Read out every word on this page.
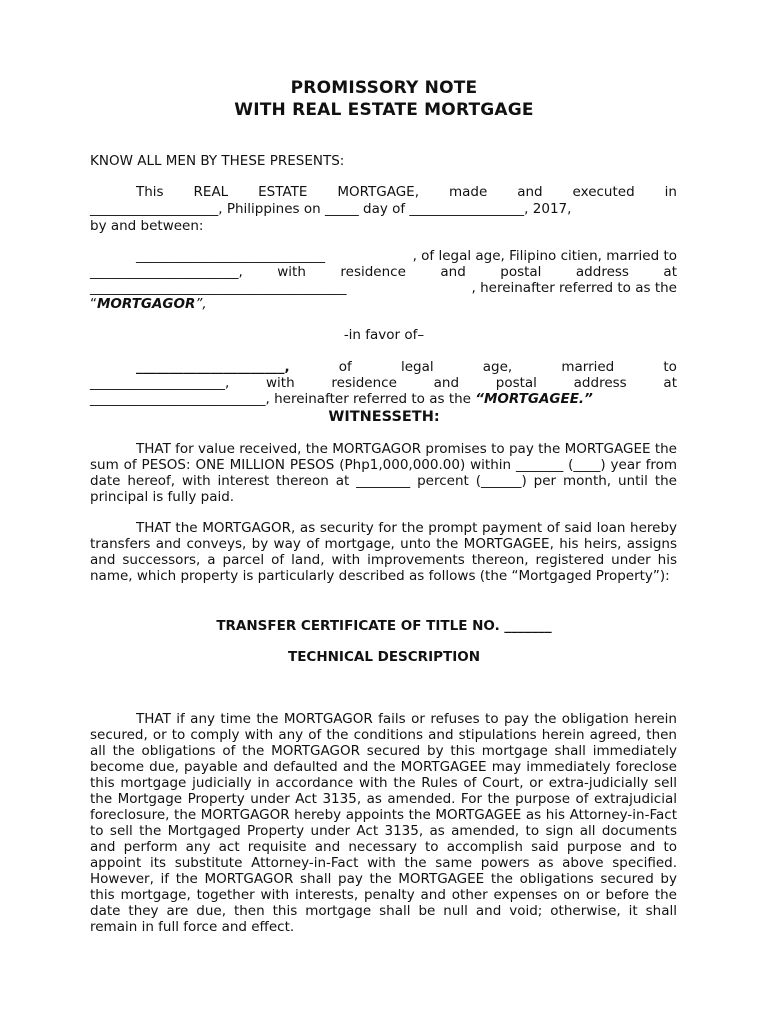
PROMISSORY NOTE
WITH REAL ESTATE MORTGAGE
KNOW ALL MEN BY THESE PRESENTS:
This REAL ESTATE MORTGAGE, made and executed in
___________________, Philippines on _____ day of _________________, 2017,
by and between:
____________________________	, of legal age, Filipino citien, married to
______________________,	with	residence	and	postal	address	at
______________________________________	, hereinafter referred to as the
“MORTGAGOR”,
-in favor of–
______________________,	of	legal	age,	married	to
____________________,	with	residence	and	postal	address	at
__________________________, hereinafter referred to as the “MORTGAGEE.”
WITNESSETH:
THAT for value received, the MORTGAGOR promises to pay the MORTGAGEE the sum of PESOS: ONE MILLION PESOS (Php1,000,000.00) within _______ (____) year from date hereof, with interest thereon at ________ percent (______) per month, until the principal is fully paid.
THAT the MORTGAGOR, as security for the prompt payment of said loan hereby transfers and conveys, by way of mortgage, unto the MORTGAGEE, his heirs, assigns and successors, a parcel of land, with improvements thereon, registered under his name, which property is particularly described as follows (the “Mortgaged Property”):
TRANSFER CERTIFICATE OF TITLE NO. _______
TECHNICAL DESCRIPTION
THAT if any time the MORTGAGOR fails or refuses to pay the obligation herein secured, or to comply with any of the conditions and stipulations herein agreed, then all the obligations of the MORTGAGOR secured by this mortgage shall immediately become due, payable and defaulted and the MORTGAGEE may immediately foreclose this mortgage judicially in accordance with the Rules of Court, or extra-judicially sell the Mortgage Property under Act 3135, as amended. For the purpose of extrajudicial foreclosure, the MORTGAGOR hereby appoints the MORTGAGEE as his Attorney-in-Fact to sell the Mortgaged Property under Act 3135, as amended, to sign all documents and perform any act requisite and necessary to accomplish said purpose and to appoint its substitute Attorney-in-Fact with the same powers as above specified. However, if the MORTGAGOR shall pay the MORTGAGEE the obligations secured by this mortgage, together with interests, penalty and other expenses on or before the date they are due, then this mortgage shall be null and void; otherwise, it shall remain in full force and effect.
